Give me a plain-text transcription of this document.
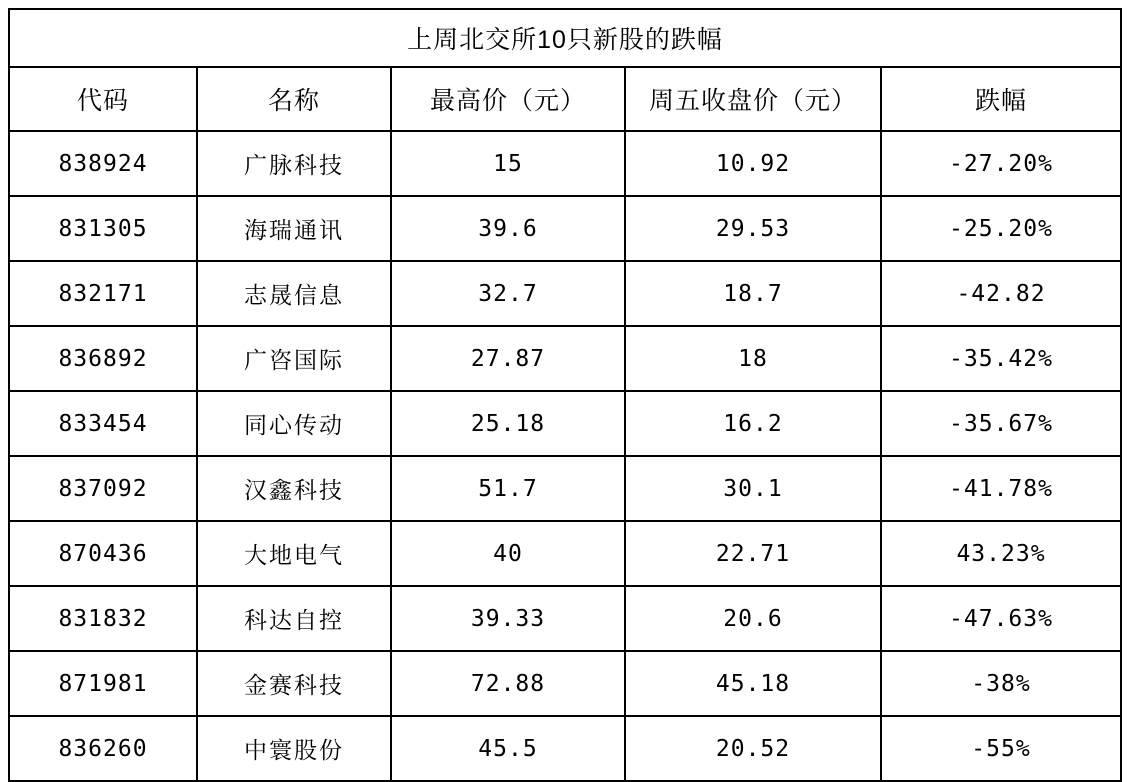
上周北交所10只新股的跌幅				
代码	名称	最高价（元）	周五收盘价（元）	跌幅
838924	广脉科技	15	10.92	-27.20%
831305	海瑞通讯	39.6	29.53	-25.20%
832171	志晟信息	32.7	18.7	-42.82
836892	广咨国际	27.87	18	-35.42%
833454	同心传动	25.18	16.2	-35.67%
837092	汉鑫科技	51.7	30.1	-41.78%
870436	大地电气	40	22.71	43.23%
831832	科达自控	39.33	20.6	-47.63%
871981	金赛科技	72.88	45.18	-38%
836260	中寰股份	45.5	20.52	-55%
